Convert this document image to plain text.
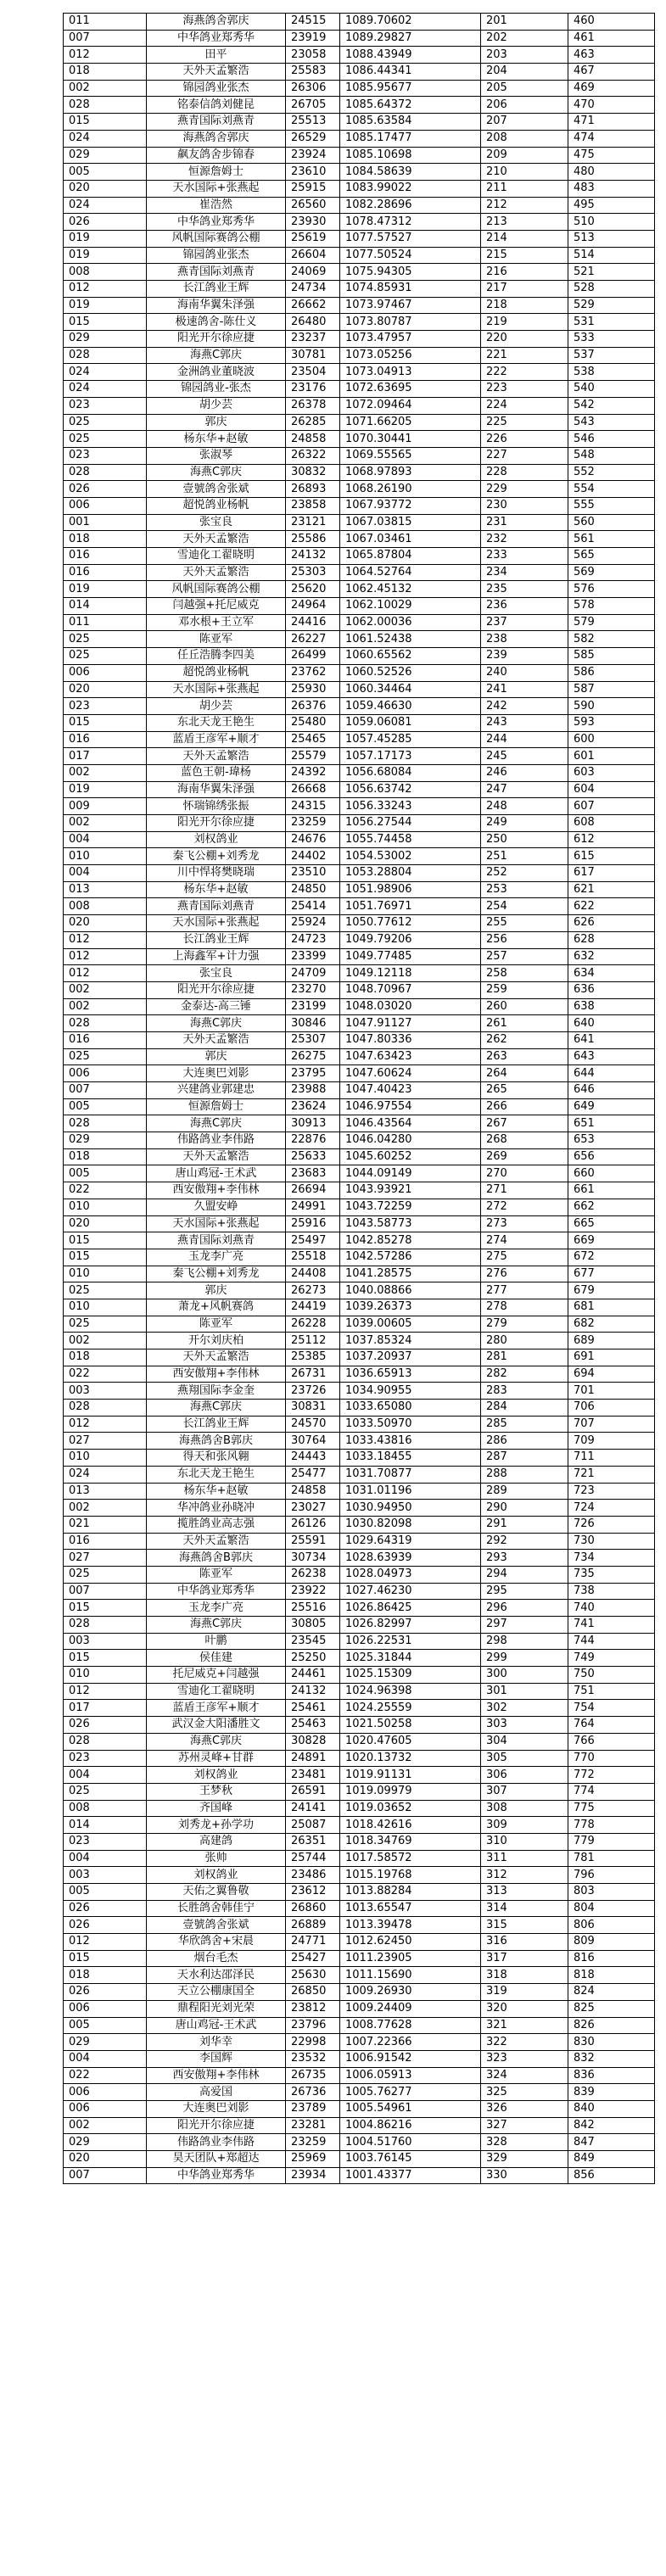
011	海燕鸽舍郭庆	24515	1089.70602	201	460
007	中华鸽业郑秀华	23919	1089.29827	202	461
012	田平	23058	1088.43949	203	463
018	天外天孟繁浩	25583	1086.44341	204	467
002	锦园鸽业张杰	26306	1085.95677	205	469
028	铭泰信鸽刘健昆	26705	1085.64372	206	470
015	燕青国际刘燕青	25513	1085.63584	207	471
024	海燕鸽舍郭庆	26529	1085.17477	208	474
029	飙友鸽舍步锦春	23924	1085.10698	209	475
005	恒源詹姆士	23610	1084.58639	210	480
020	天水国际+张燕起	25915	1083.99022	211	483
024	崔浩然	26560	1082.28696	212	495
026	中华鸽业郑秀华	23930	1078.47312	213	510
019	风帆国际赛鸽公棚	25619	1077.57527	214	513
019	锦园鸽业张杰	26604	1077.50524	215	514
008	燕青国际刘燕青	24069	1075.94305	216	521
012	长江鸽业王辉	24734	1074.85931	217	528
019	海南华翼朱泽强	26662	1073.97467	218	529
015	极速鸽舍-陈仕义	26480	1073.80787	219	531
029	阳光开尔徐应捷	23237	1073.47957	220	533
028	海燕C郭庆	30781	1073.05256	221	537
024	金洲鸽业董晓波	23504	1073.04913	222	538
024	锦园鸽业-张杰	23176	1072.63695	223	540
023	胡少芸	26378	1072.09464	224	542
025	郭庆	26285	1071.66205	225	543
025	杨东华+赵敏	24858	1070.30441	226	546
023	张淑琴	26322	1069.55565	227	548
028	海燕C郭庆	30832	1068.97893	228	552
026	壹號鸽舍张斌	26893	1068.26190	229	554
006	超悦鸽业杨帆	23858	1067.93772	230	555
001	张宝良	23121	1067.03815	231	560
018	天外天孟繁浩	25586	1067.03461	232	561
016	雪迪化工翟晓明	24132	1065.87804	233	565
016	天外天孟繁浩	25303	1064.52764	234	569
019	风帆国际赛鸽公棚	25620	1062.45132	235	576
014	闫越强+托尼威克	24964	1062.10029	236	578
011	邓水根+王立军	24416	1062.00036	237	579
025	陈亚军	26227	1061.52438	238	582
025	任丘浩腾李四美	26499	1060.65562	239	585
006	超悦鸽业杨帆	23762	1060.52526	240	586
020	天水国际+张燕起	25930	1060.34464	241	587
023	胡少芸	26376	1059.46630	242	590
015	东北天龙王艳生	25480	1059.06081	243	593
016	蓝盾王彦军+顺才	25465	1057.45285	244	600
017	天外天孟繁浩	25579	1057.17173	245	601
002	蓝色王朝-瑋杨	24392	1056.68084	246	603
019	海南华翼朱泽强	26668	1056.63742	247	604
009	怀瑞锦绣张振	24315	1056.33243	248	607
002	阳光开尔徐应捷	23259	1056.27544	249	608
004	刘权鸽业	24676	1055.74458	250	612
010	秦飞公棚+刘秀龙	24402	1054.53002	251	615
004	川中悍将樊晓瑞	23510	1053.28804	252	617
013	杨东华+赵敏	24850	1051.98906	253	621
008	燕青国际刘燕青	25414	1051.76971	254	622
020	天水国际+张燕起	25924	1050.77612	255	626
012	长江鸽业王辉	24723	1049.79206	256	628
012	上海鑫军+计力强	23399	1049.77485	257	632
012	张宝良	24709	1049.12118	258	634
002	阳光开尔徐应捷	23270	1048.70967	259	636
002	金泰达-高三锤	23199	1048.03020	260	638
028	海燕C郭庆	30846	1047.91127	261	640
016	天外天孟繁浩	25307	1047.80336	262	641
025	郭庆	26275	1047.63423	263	643
006	大连奥巴刘影	23795	1047.60624	264	644
007	兴建鸽业郭建忠	23988	1047.40423	265	646
005	恒源詹姆士	23624	1046.97554	266	649
028	海燕C郭庆	30913	1046.43564	267	651
029	伟路鸽业李伟路	22876	1046.04280	268	653
018	天外天孟繁浩	25633	1045.60252	269	656
005	唐山鸡冠-王术武	23683	1044.09149	270	660
022	西安傲翔+李伟林	26694	1043.93921	271	661
010	久盟安峥	24991	1043.72259	272	662
020	天水国际+张燕起	25916	1043.58773	273	665
015	燕青国际刘燕青	25497	1042.85278	274	669
015	玉龙李广亮	25518	1042.57286	275	672
010	秦飞公棚+刘秀龙	24408	1041.28575	276	677
025	郭庆	26273	1040.08866	277	679
010	萧龙+风帆赛鸽	24419	1039.26373	278	681
025	陈亚军	26228	1039.00605	279	682
002	开尔刘庆柏	25112	1037.85324	280	689
018	天外天孟繁浩	25385	1037.20937	281	691
022	西安傲翔+李伟林	26731	1036.65913	282	694
003	燕翔国际李金奎	23726	1034.90955	283	701
028	海燕C郭庆	30831	1033.65080	284	706
012	长江鸽业王辉	24570	1033.50970	285	707
027	海燕鸽舍B郭庆	30764	1033.43816	286	709
010	得天和张风翱	24443	1033.18455	287	711
024	东北天龙王艳生	25477	1031.70877	288	721
013	杨东华+赵敏	24858	1031.01196	289	723
002	华冲鸽业孙晓冲	23027	1030.94950	290	724
021	揽胜鸽业高志强	26126	1030.82098	291	726
016	天外天孟繁浩	25591	1029.64319	292	730
027	海燕鸽舍B郭庆	30734	1028.63939	293	734
025	陈亚军	26238	1028.04973	294	735
007	中华鸽业郑秀华	23922	1027.46230	295	738
015	玉龙李广亮	25516	1026.86425	296	740
028	海燕C郭庆	30805	1026.82997	297	741
003	叶鹏	23545	1026.22531	298	744
015	侯佳建	25250	1025.31844	299	749
010	托尼威克+闫越强	24461	1025.15309	300	750
012	雪迪化工翟晓明	24132	1024.96398	301	751
017	蓝盾王彦军+顺才	25461	1024.25559	302	754
026	武汉金大阳潘胜文	25463	1021.50258	303	764
028	海燕C郭庆	30828	1020.47605	304	766
023	苏州灵峰+甘群	24891	1020.13732	305	770
004	刘权鸽业	23481	1019.91131	306	772
025	王梦秋	26591	1019.09979	307	774
008	齐国峰	24141	1019.03652	308	775
014	刘秀龙+孙学功	25087	1018.42616	309	778
023	高建鸽	26351	1018.34769	310	779
004	张帅	25744	1017.58572	311	781
003	刘权鸽业	23486	1015.19768	312	796
005	天佑之翼鲁敬	23612	1013.88284	313	803
026	长胜鸽舍韩佳宁	26860	1013.65547	314	804
026	壹號鸽舍张斌	26889	1013.39478	315	806
012	华欣鸽舍+宋晨	24771	1012.62450	316	809
015	烟台毛杰	25427	1011.23905	317	816
018	天水利达邵泽民	25630	1011.15690	318	818
026	天立公棚康国全	26850	1009.26930	319	824
006	鼎程阳光刘光荣	23812	1009.24409	320	825
005	唐山鸡冠-王术武	23796	1008.77628	321	826
029	刘华幸	22998	1007.22366	322	830
004	李国辉	23532	1006.91542	323	832
022	西安傲翔+李伟林	26735	1006.05913	324	836
006	高爱国	26736	1005.76277	325	839
006	大连奥巴刘影	23789	1005.54961	326	840
002	阳光开尔徐应捷	23281	1004.86216	327	842
029	伟路鸽业李伟路	23259	1004.51760	328	847
020	昊天团队+郑超达	25969	1003.76145	329	849
007	中华鸽业郑秀华	23934	1001.43377	330	856
